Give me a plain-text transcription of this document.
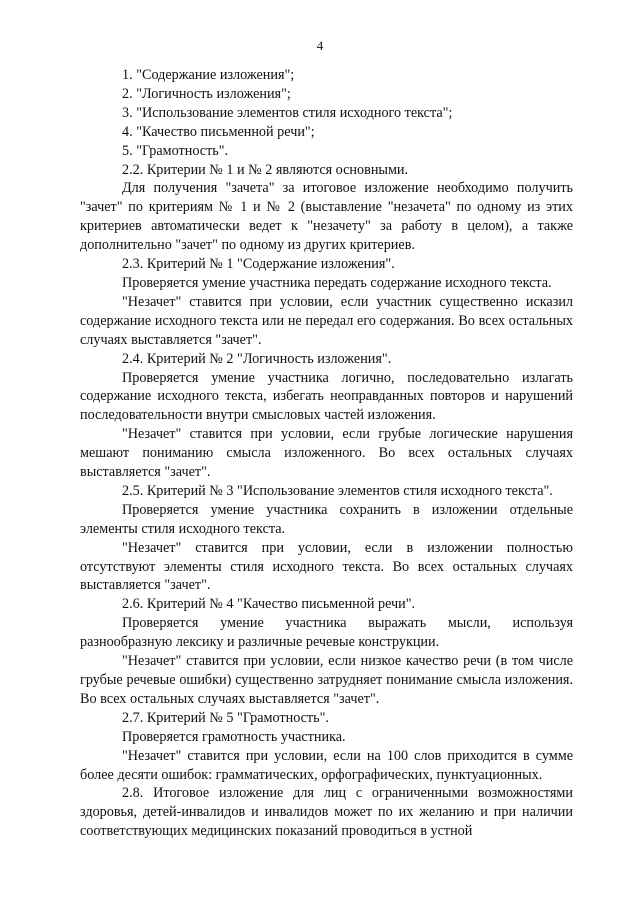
4

1. "Содержание изложения";

2. "Логичность изложения";

3. "Использование элементов стиля исходного текста";

4. "Качество письменной речи";

5. "Грамотность".

2.2. Критерии № 1 и № 2 являются основными.

Для получения "зачета" за итоговое изложение необходимо получить "зачет" по критериям № 1 и № 2 (выставление "незачета" по одному из этих критериев автоматически ведет к "незачету" за работу в целом), а также дополнительно "зачет" по одному из других критериев.

2.3. Критерий № 1 "Содержание изложения".

Проверяется умение участника передать содержание исходного текста.

"Незачет" ставится при условии, если участник существенно исказил содержание исходного текста или не передал его содержания. Во всех остальных случаях выставляется "зачет".

2.4. Критерий № 2 "Логичность изложения".

Проверяется умение участника логично, последовательно излагать содержание исходного текста, избегать неоправданных повторов и нарушений последовательности внутри смысловых частей изложения.

"Незачет" ставится при условии, если грубые логические нарушения мешают пониманию смысла изложенного. Во всех остальных случаях выставляется "зачет".

2.5. Критерий № 3 "Использование элементов стиля исходного текста".

Проверяется умение участника сохранить в изложении отдельные элементы стиля исходного текста.

"Незачет" ставится при условии, если в изложении полностью отсутствуют элементы стиля исходного текста. Во всех остальных случаях выставляется "зачет".

2.6. Критерий № 4 "Качество письменной речи".

Проверяется умение участника выражать мысли, используя разнообразную лексику и различные речевые конструкции.

"Незачет" ставится при условии, если низкое качество речи (в том числе грубые речевые ошибки) существенно затрудняет понимание смысла изложения. Во всех остальных случаях выставляется "зачет".

2.7. Критерий № 5 "Грамотность".

Проверяется грамотность участника.

"Незачет" ставится при условии, если на 100 слов приходится в сумме более десяти ошибок: грамматических, орфографических, пунктуационных.

2.8. Итоговое изложение для лиц с ограниченными возможностями здоровья, детей-инвалидов и инвалидов может по их желанию и при наличии соответствующих медицинских показаний проводиться в устной
